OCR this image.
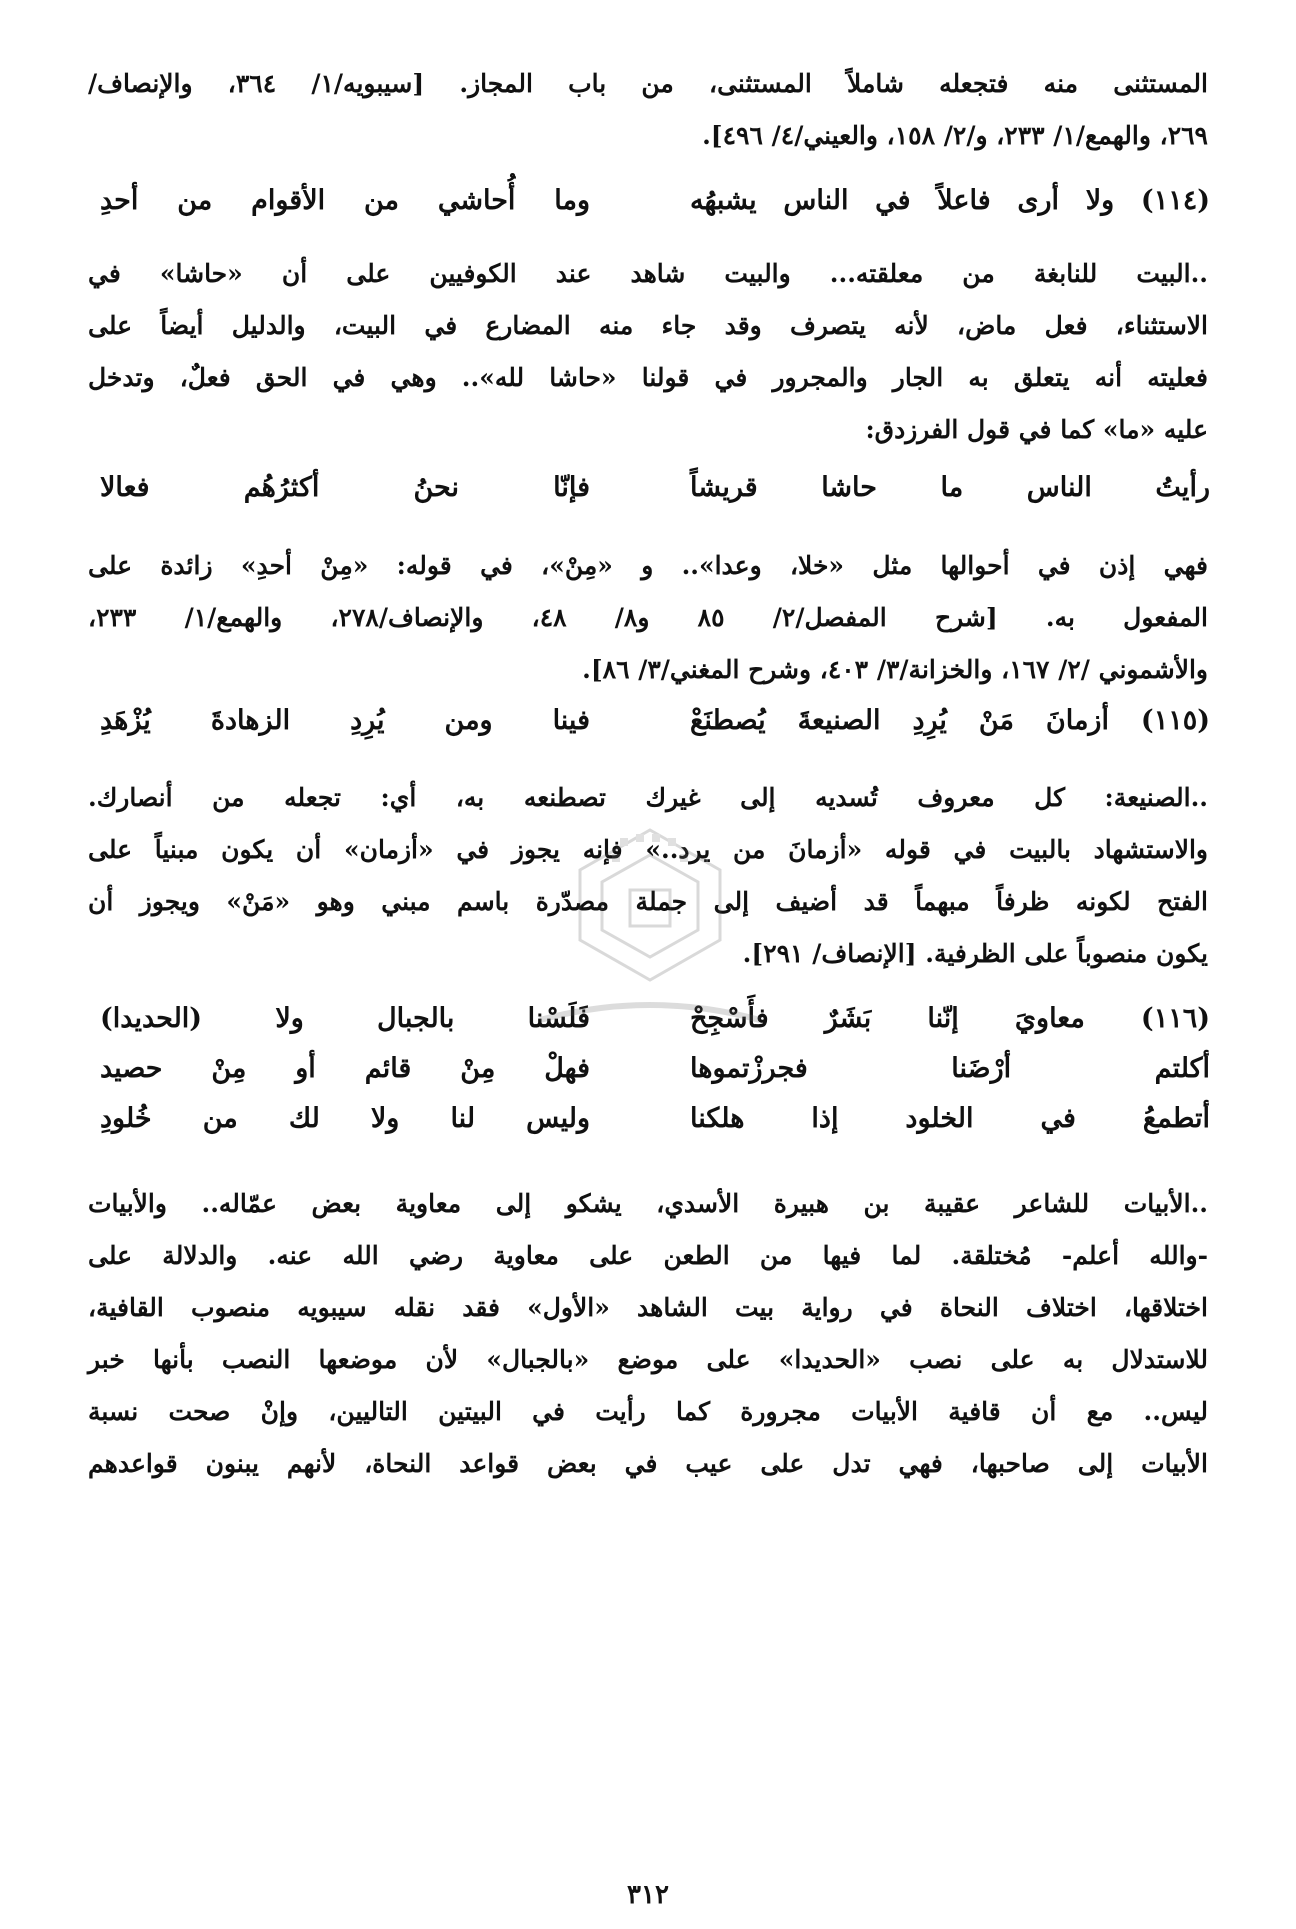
المستثنى منه فتجعله شاملاً المستثنى، من باب المجاز. [سيبويه/١/ ٣٦٤، والإنصاف/
٢٦٩، والهمع/١/ ٢٣٣، و/٢/ ١٥٨، والعيني/٤/ ٤٩٦].
(١١٤) ولا أرى فاعلاً في الناس يشبهُه
وما أُحاشي من الأقوام من أحدِ
..البيت للنابغة من معلقته... والبيت شاهد عند الكوفيين على أن «حاشا» في
الاستثناء، فعل ماض، لأنه يتصرف وقد جاء منه المضارع في البيت، والدليل أيضاً على
فعليته أنه يتعلق به الجار والمجرور في قولنا «حاشا لله».. وهي في الحق فعلٌ، وتدخل
عليه «ما» كما في قول الفرزدق:
رأيتُ الناس ما حاشا قريشاً
فإنّا نحنُ أكثرُهُم فعالا
فهي إذن في أحوالها مثل «خلا، وعدا».. و «مِنْ»، في قوله: «مِنْ أحدِ» زائدة على
المفعول به. [شرح المفصل/٢/ ٨٥ و٨/ ٤٨، والإنصاف/٢٧٨، والهمع/١/ ٢٣٣،
والأشموني /٢/ ١٦٧، والخزانة/٣/ ٤٠٣، وشرح المغني/٣/ ٨٦].
(١١٥) أزمانَ مَنْ يُرِدِ الصنيعةَ يُصطنَعْ
فينا ومن يُرِدِ الزهادةَ يُزْهَدِ
..الصنيعة: كل معروف تُسديه إلى غيرك تصطنعه به، أي: تجعله من أنصارك.
والاستشهاد بالبيت في قوله «أزمانَ من يرد..» فإنه يجوز في «أزمان» أن يكون مبنياً على
الفتح لكونه ظرفاً مبهماً قد أضيف إلى جملة مصدّرة باسم مبني وهو «مَنْ» ويجوز أن
يكون منصوباً على الظرفية. [الإنصاف/ ٢٩١].
(١١٦) معاويَ إنّنا بَشَرٌ فأَسْجِحْ
فَلَسْنا بالجبال ولا (الحديدا)
أكلتم أرْضَنا فجرزْتموها
فهلْ مِنْ قائم أو مِنْ حصيد
أتطمعُ في الخلود إذا هلكنا
وليس لنا ولا لك من خُلودِ
..الأبيات للشاعر عقيبة بن هبيرة الأسدي، يشكو إلى معاوية بعض عمّاله.. والأبيات
-والله أعلم- مُختلقة. لما فيها من الطعن على معاوية رضي الله عنه. والدلالة على
اختلاقها، اختلاف النحاة في رواية بيت الشاهد «الأول» فقد نقله سيبويه منصوب القافية،
للاستدلال به على نصب «الحديدا» على موضع «بالجبال» لأن موضعها النصب بأنها خبر
ليس.. مع أن قافية الأبيات مجرورة كما رأيت في البيتين التاليين، وإنْ صحت نسبة
الأبيات إلى صاحبها، فهي تدل على عيب في بعض قواعد النحاة، لأنهم يبنون قواعدهم
٣١٢
